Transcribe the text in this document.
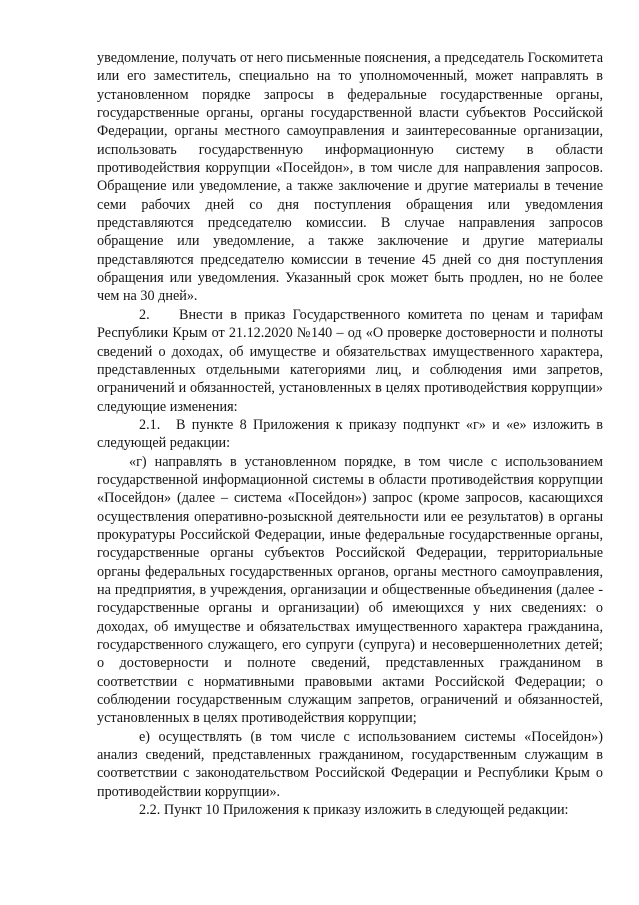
уведомление, получать от него письменные пояснения, а председатель Госкомитета или его заместитель, специально на то уполномоченный, может направлять в установленном порядке запросы в федеральные государственные органы, государственные органы, органы государственной власти субъектов Российской Федерации, органы местного самоуправления и заинтересованные организации, использовать государственную информационную систему в области противодействия коррупции «Посейдон», в том числе для направления запросов. Обращение или уведомление, а также заключение и другие материалы в течение семи рабочих дней со дня поступления обращения или уведомления представляются председателю комиссии. В случае направления запросов обращение или уведомление, а также заключение и другие материалы представляются председателю комиссии в течение 45 дней со дня поступления обращения или уведомления. Указанный срок может быть продлен, но не более чем на 30 дней».

2. Внести в приказ Государственного комитета по ценам и тарифам Республики Крым от 21.12.2020 №140 – од «О проверке достоверности и полноты сведений о доходах, об имуществе и обязательствах имущественного характера, представленных отдельными категориями лиц, и соблюдения ими запретов, ограничений и обязанностей, установленных в целях противодействия коррупции» следующие изменения:

2.1. В пункте 8 Приложения к приказу подпункт «г» и «е» изложить в следующей редакции:

«г) направлять в установленном порядке, в том числе с использованием государственной информационной системы в области противодействия коррупции «Посейдон» (далее – система «Посейдон») запрос (кроме запросов, касающихся осуществления оперативно-розыскной деятельности или ее результатов) в органы прокуратуры Российской Федерации, иные федеральные государственные органы, государственные органы субъектов Российской Федерации, территориальные органы федеральных государственных органов, органы местного самоуправления, на предприятия, в учреждения, организации и общественные объединения (далее - государственные органы и организации) об имеющихся у них сведениях: о доходах, об имуществе и обязательствах имущественного характера гражданина, государственного служащего, его супруги (супруга) и несовершеннолетних детей; о достоверности и полноте сведений, представленных гражданином в соответствии с нормативными правовыми актами Российской Федерации; о соблюдении государственным служащим запретов, ограничений и обязанностей, установленных в целях противодействия коррупции;

е) осуществлять (в том числе с использованием системы «Посейдон») анализ сведений, представленных гражданином, государственным служащим в соответствии с законодательством Российской Федерации и Республики Крым о противодействии коррупции».

2.2. Пункт 10 Приложения к приказу изложить в следующей редакции:
